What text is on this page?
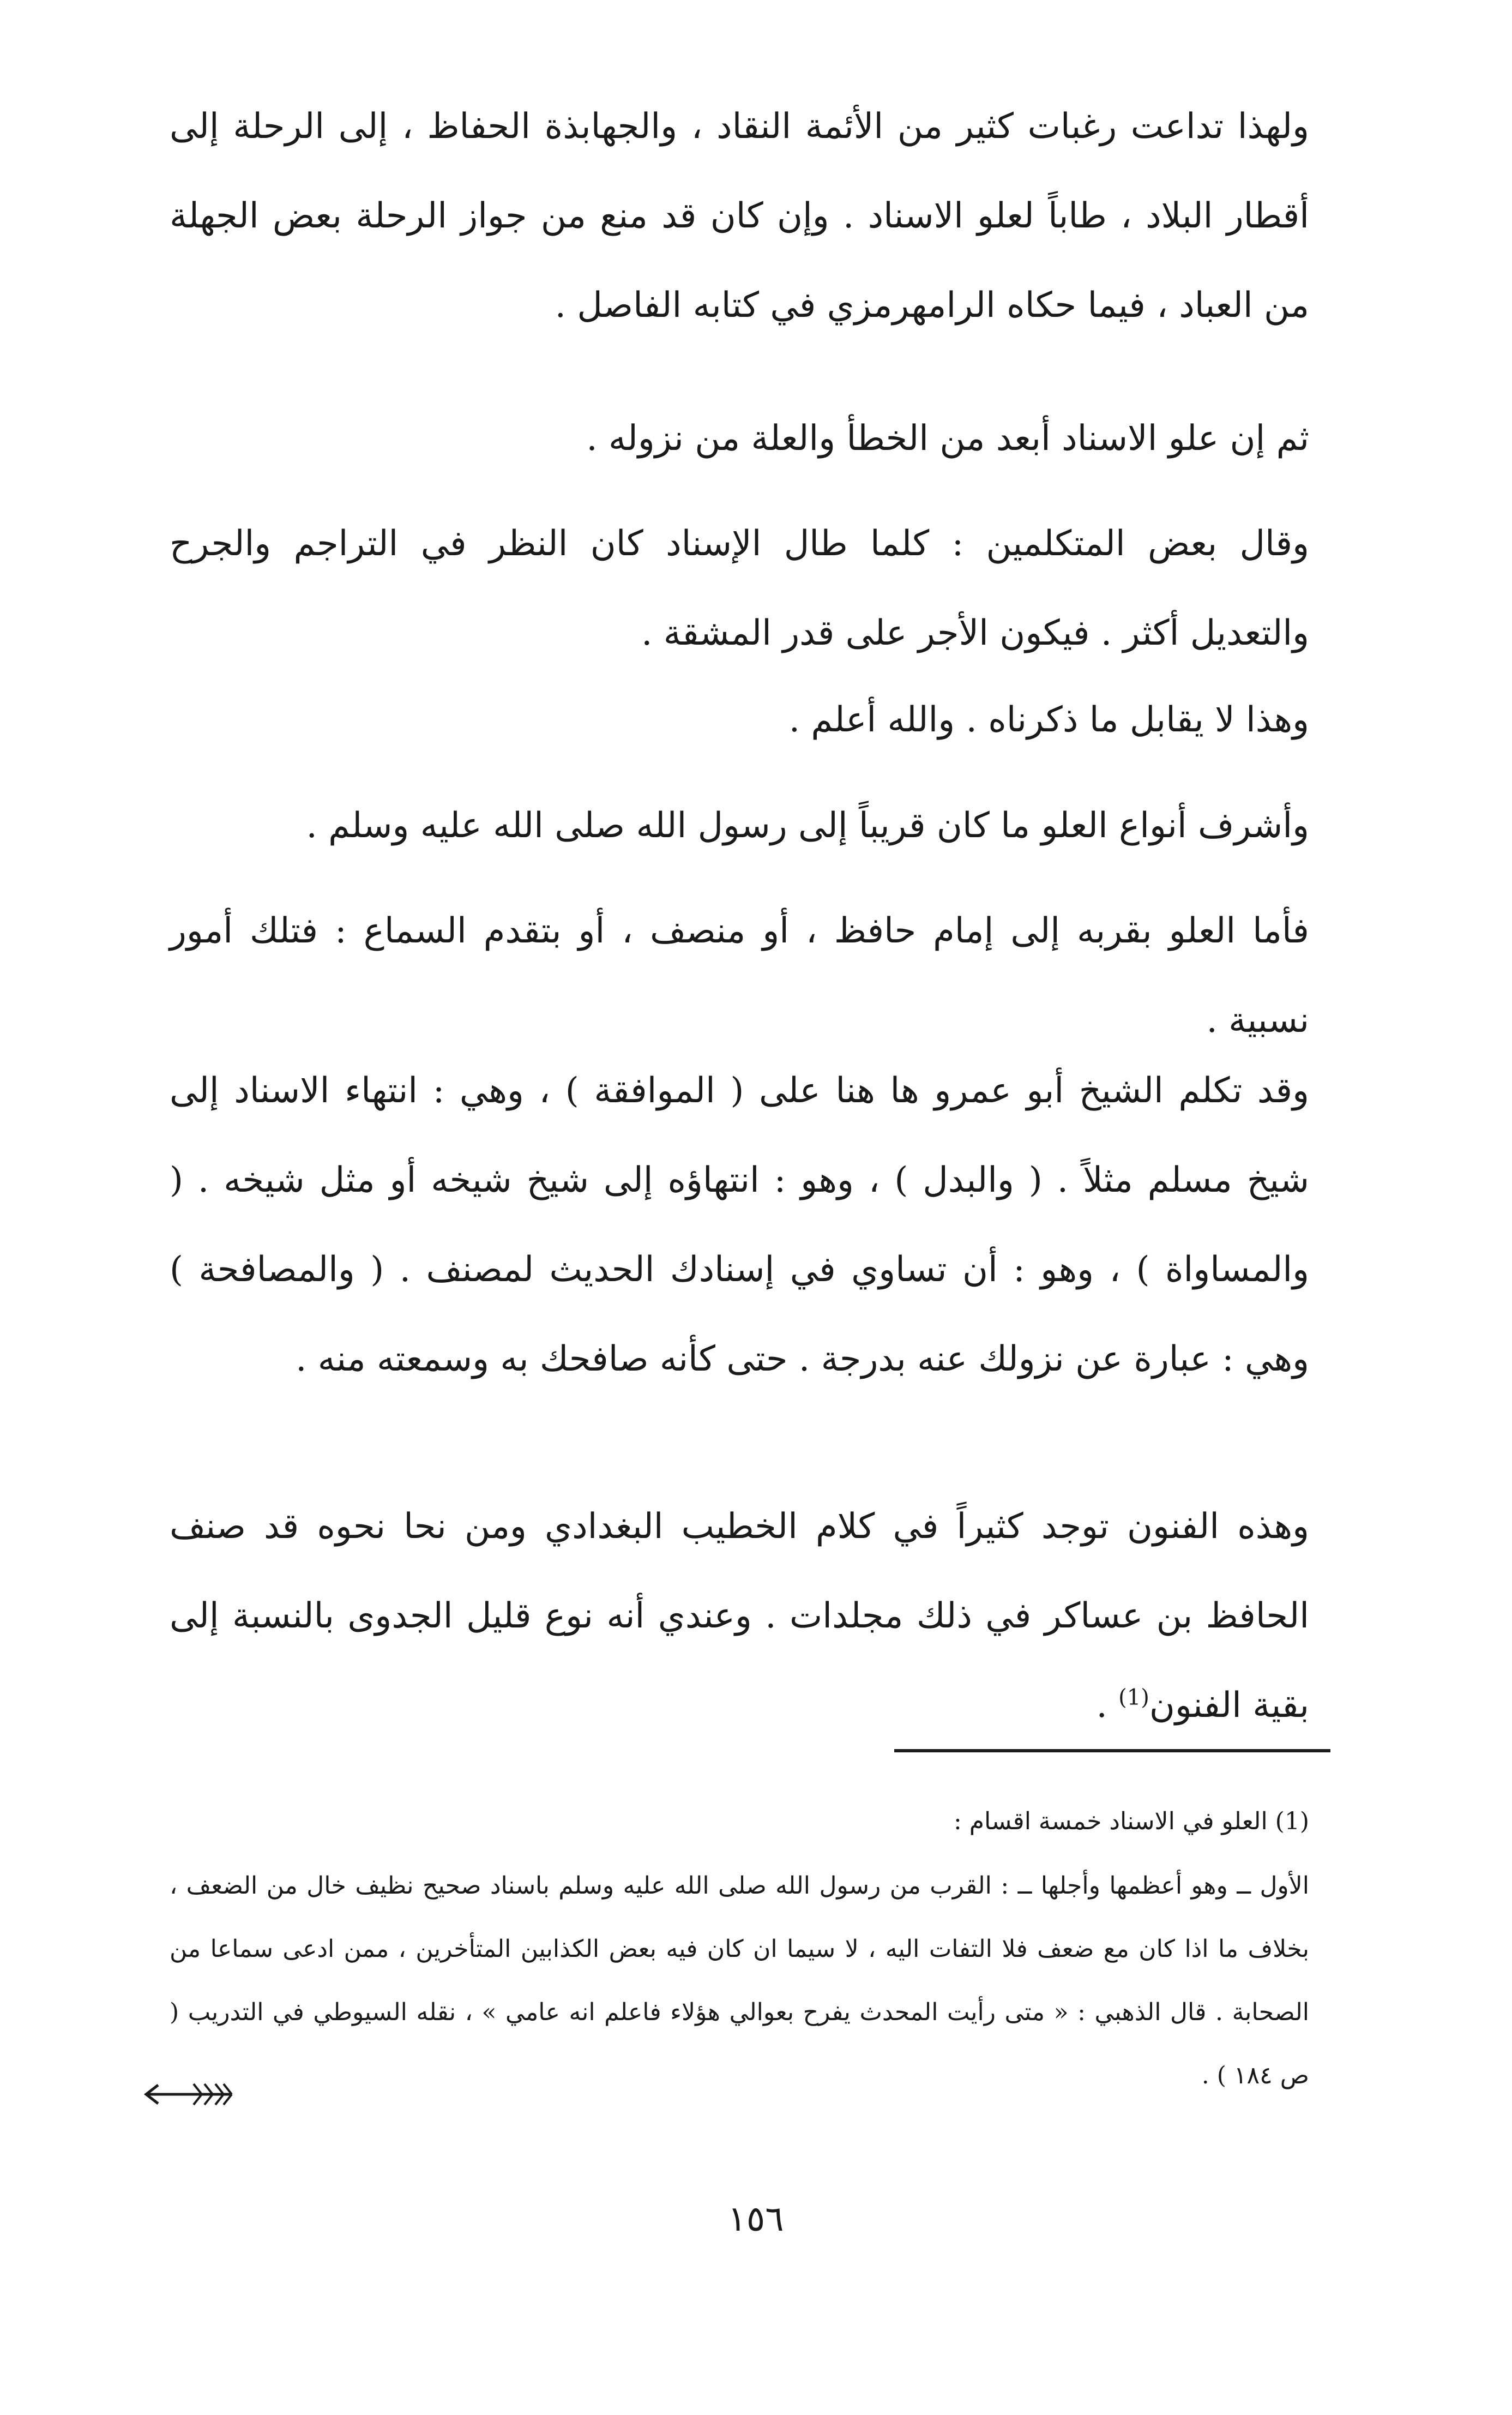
ولهذا تداعت رغبات كثير من الأئمة النقاد ، والجهابذة الحفاظ ، إلى الرحلة إلى أقطار البلاد ، طاباً لعلو الاسناد . وإن كان قد منع من جواز الرحلة بعض الجهلة من العباد ، فيما حكاه الرامهرمزي في كتابه الفاصل .

ثم إن علو الاسناد أبعد من الخطأ والعلة من نزوله .

وقال بعض المتكلمين : كلما طال الإسناد كان النظر في التراجم والجرح والتعديل أكثر . فيكون الأجر على قدر المشقة .

وهذا لا يقابل ما ذكرناه . والله أعلم .

وأشرف أنواع العلو ما كان قريباً إلى رسول الله صلى الله عليه وسلم .

فأما العلو بقربه إلى إمام حافظ ، أو منصف ، أو بتقدم السماع : فتلك أمور نسبية .

وقد تكلم الشيخ أبو عمرو ها هنا على ( الموافقة ) ، وهي : انتهاء الاسناد إلى شيخ مسلم مثلاً . ( والبدل ) ، وهو : انتهاؤه إلى شيخ شيخه أو مثل شيخه . ( والمساواة ) ، وهو : أن تساوي في إسنادك الحديث لمصنف . ( والمصافحة ) وهي : عبارة عن نزولك عنه بدرجة . حتى كأنه صافحك به وسمعته منه .

وهذه الفنون توجد كثيراً في كلام الخطيب البغدادي ومن نحا نحوه قد صنف الحافظ بن عساكر في ذلك مجلدات . وعندي أنه نوع قليل الجدوى بالنسبة إلى بقية الفنون$^{(1)}$ .

(1) العلو في الاسناد خمسة اقسام :

الأول ــ وهو أعظمها وأجلها ــ : القرب من رسول الله صلى الله عليه وسلم باسناد صحيح نظيف خال من الضعف ، بخلاف ما اذا كان مع ضعف فلا التفات اليه ، لا سيما ان كان فيه بعض الكذابين المتأخرين ، ممن ادعى سماعا من الصحابة . قال الذهبي : « متى رأيت المحدث يفرح بعوالي هؤلاء فاعلم انه عامي » ، نقله السيوطي في التدريب ( ص ١٨٤ ) .

١٥٦
